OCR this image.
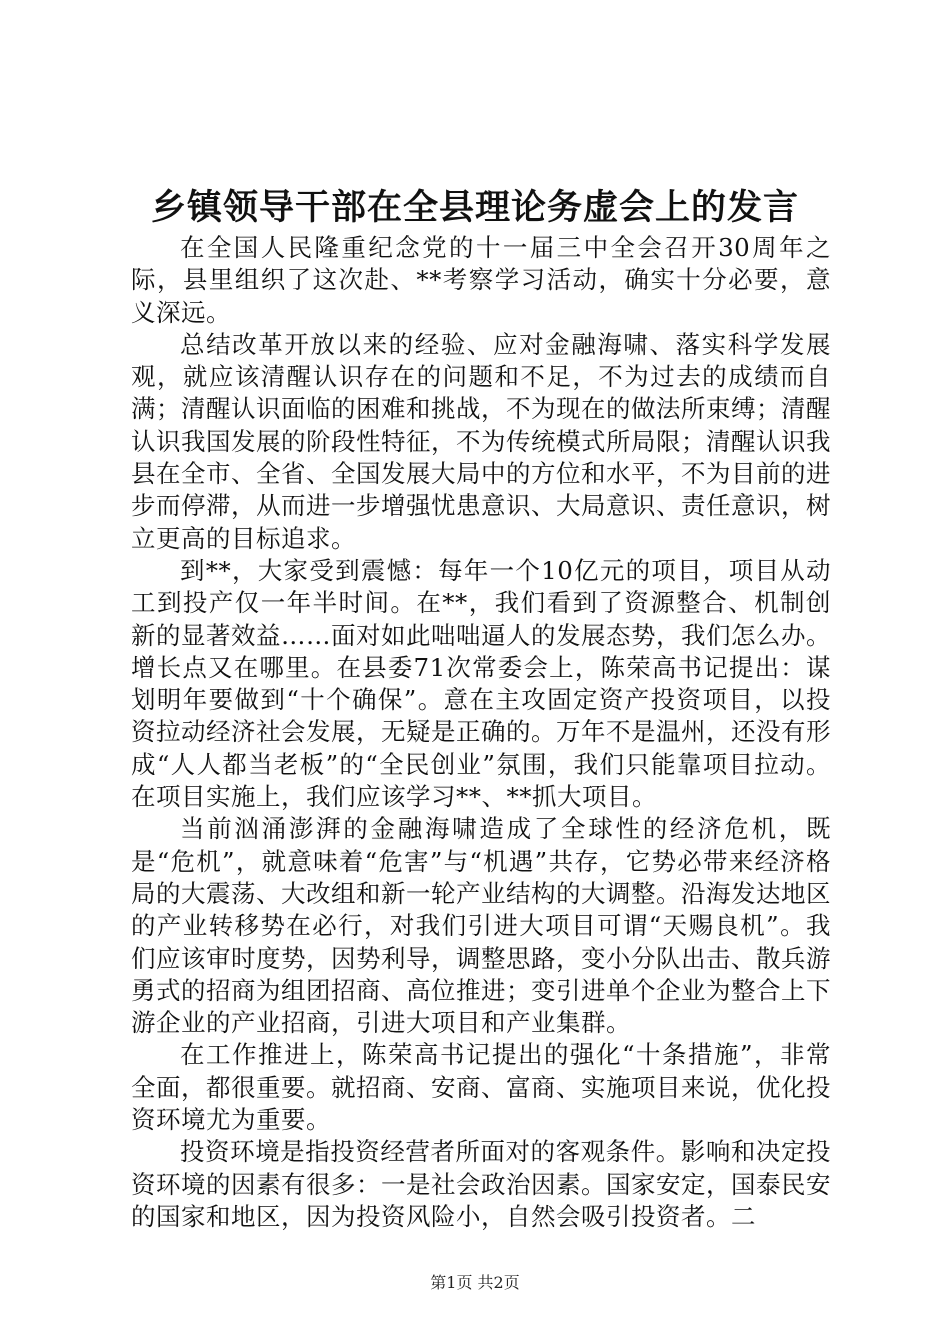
乡镇领导干部在全县理论务虚会上的发言

在全国人民隆重纪念党的十一届三中全会召开30周年之际，县里组织了这次赴、**考察学习活动，确实十分必要，意义深远。

总结改革开放以来的经验、应对金融海啸、落实科学发展观，就应该清醒认识存在的问题和不足，不为过去的成绩而自满；清醒认识面临的困难和挑战，不为现在的做法所束缚；清醒认识我国发展的阶段性特征，不为传统模式所局限；清醒认识我县在全市、全省、全国发展大局中的方位和水平，不为目前的进步而停滞，从而进一步增强忧患意识、大局意识、责任意识，树立更高的目标追求。

到**，大家受到震憾：每年一个10亿元的项目，项目从动工到投产仅一年半时间。在**，我们看到了资源整合、机制创新的显著效益……面对如此咄咄逼人的发展态势，我们怎么办。增长点又在哪里。在县委71次常委会上，陈荣高书记提出：谋划明年要做到“十个确保”。意在主攻固定资产投资项目，以投资拉动经济社会发展，无疑是正确的。万年不是温州，还没有形成“人人都当老板”的“全民创业”氛围，我们只能靠项目拉动。在项目实施上，我们应该学习**、**抓大项目。

当前汹涌澎湃的金融海啸造成了全球性的经济危机，既是“危机”，就意味着“危害”与“机遇”共存，它势必带来经济格局的大震荡、大改组和新一轮产业结构的大调整。沿海发达地区的产业转移势在必行，对我们引进大项目可谓“天赐良机”。我们应该审时度势，因势利导，调整思路，变小分队出击、散兵游勇式的招商为组团招商、高位推进；变引进单个企业为整合上下游企业的产业招商，引进大项目和产业集群。

在工作推进上，陈荣高书记提出的强化“十条措施”，非常全面，都很重要。就招商、安商、富商、实施项目来说，优化投资环境尤为重要。

投资环境是指投资经营者所面对的客观条件。影响和决定投资环境的因素有很多：一是社会政治因素。国家安定，国泰民安的国家和地区，因为投资风险小，自然会吸引投资者。二

第1页 共2页
